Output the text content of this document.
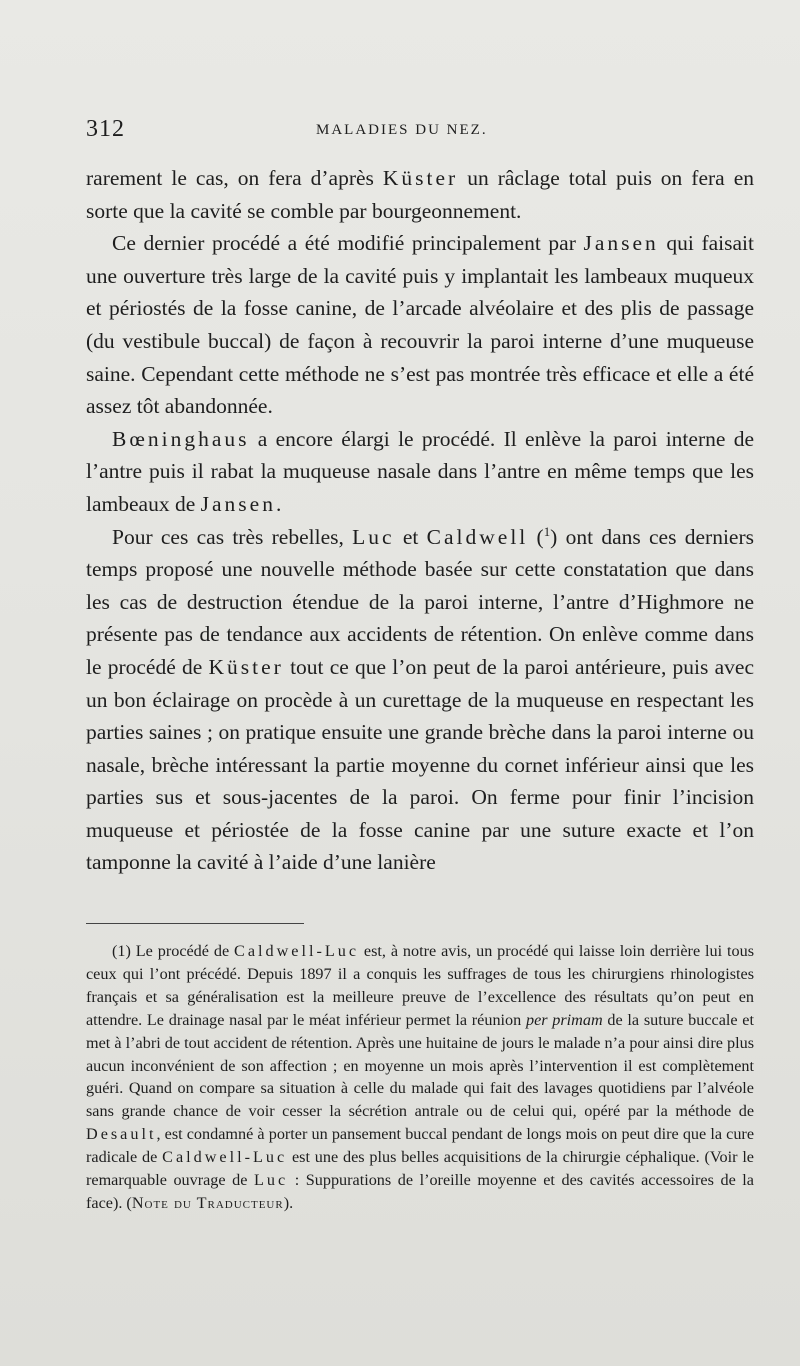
312	MALADIES DU NEZ.

rarement le cas, on fera d’après Küster un râclage total puis on fera en sorte que la cavité se comble par bourgeonnement.

Ce dernier procédé a été modifié principalement par Jansen qui faisait une ouverture très large de la cavité puis y implantait les lambeaux muqueux et périostés de la fosse canine, de l’arcade alvéolaire et des plis de passage (du vestibule buccal) de façon à recouvrir la paroi interne d’une muqueuse saine. Cependant cette méthode ne s’est pas montrée très efficace et elle a été assez tôt abandonnée.

Bœninghaus a encore élargi le procédé. Il enlève la paroi interne de l’antre puis il rabat la muqueuse nasale dans l’antre en même temps que les lambeaux de Jansen.

Pour ces cas très rebelles, Luc et Caldwell ($^1$) ont dans ces derniers temps proposé une nouvelle méthode basée sur cette constatation que dans les cas de destruction étendue de la paroi interne, l’antre d’Highmore ne présente pas de tendance aux accidents de rétention. On enlève comme dans le procédé de Küster tout ce que l’on peut de la paroi antérieure, puis avec un bon éclairage on procède à un curettage de la muqueuse en respectant les parties saines ; on pratique ensuite une grande brèche dans la paroi interne ou nasale, brèche intéressant la partie moyenne du cornet inférieur ainsi que les parties sus et sous-jacentes de la paroi. On ferme pour finir l’incision muqueuse et périostée de la fosse canine par une suture exacte et l’on tamponne la cavité à l’aide d’une lanière

(1) Le procédé de Caldwell-Luc est, à notre avis, un procédé qui laisse loin derrière lui tous ceux qui l’ont précédé. Depuis 1897 il a conquis les suffrages de tous les chirurgiens rhinologistes français et sa généralisation est la meilleure preuve de l’excellence des résultats qu’on peut en attendre. Le drainage nasal par le méat inférieur permet la réunion per primam de la suture buccale et met à l’abri de tout accident de rétention. Après une huitaine de jours le malade n’a pour ainsi dire plus aucun inconvénient de son affection ; en moyenne un mois après l’intervention il est complètement guéri. Quand on compare sa situation à celle du malade qui fait des lavages quotidiens par l’alvéole sans grande chance de voir cesser la sécrétion antrale ou de celui qui, opéré par la méthode de Desault, est condamné à porter un pansement buccal pendant de longs mois on peut dire que la cure radicale de Caldwell-Luc est une des plus belles acquisitions de la chirurgie céphalique. (Voir le remarquable ouvrage de Luc : Suppurations de l’oreille moyenne et des cavités accessoires de la face). (Note du Traducteur).
